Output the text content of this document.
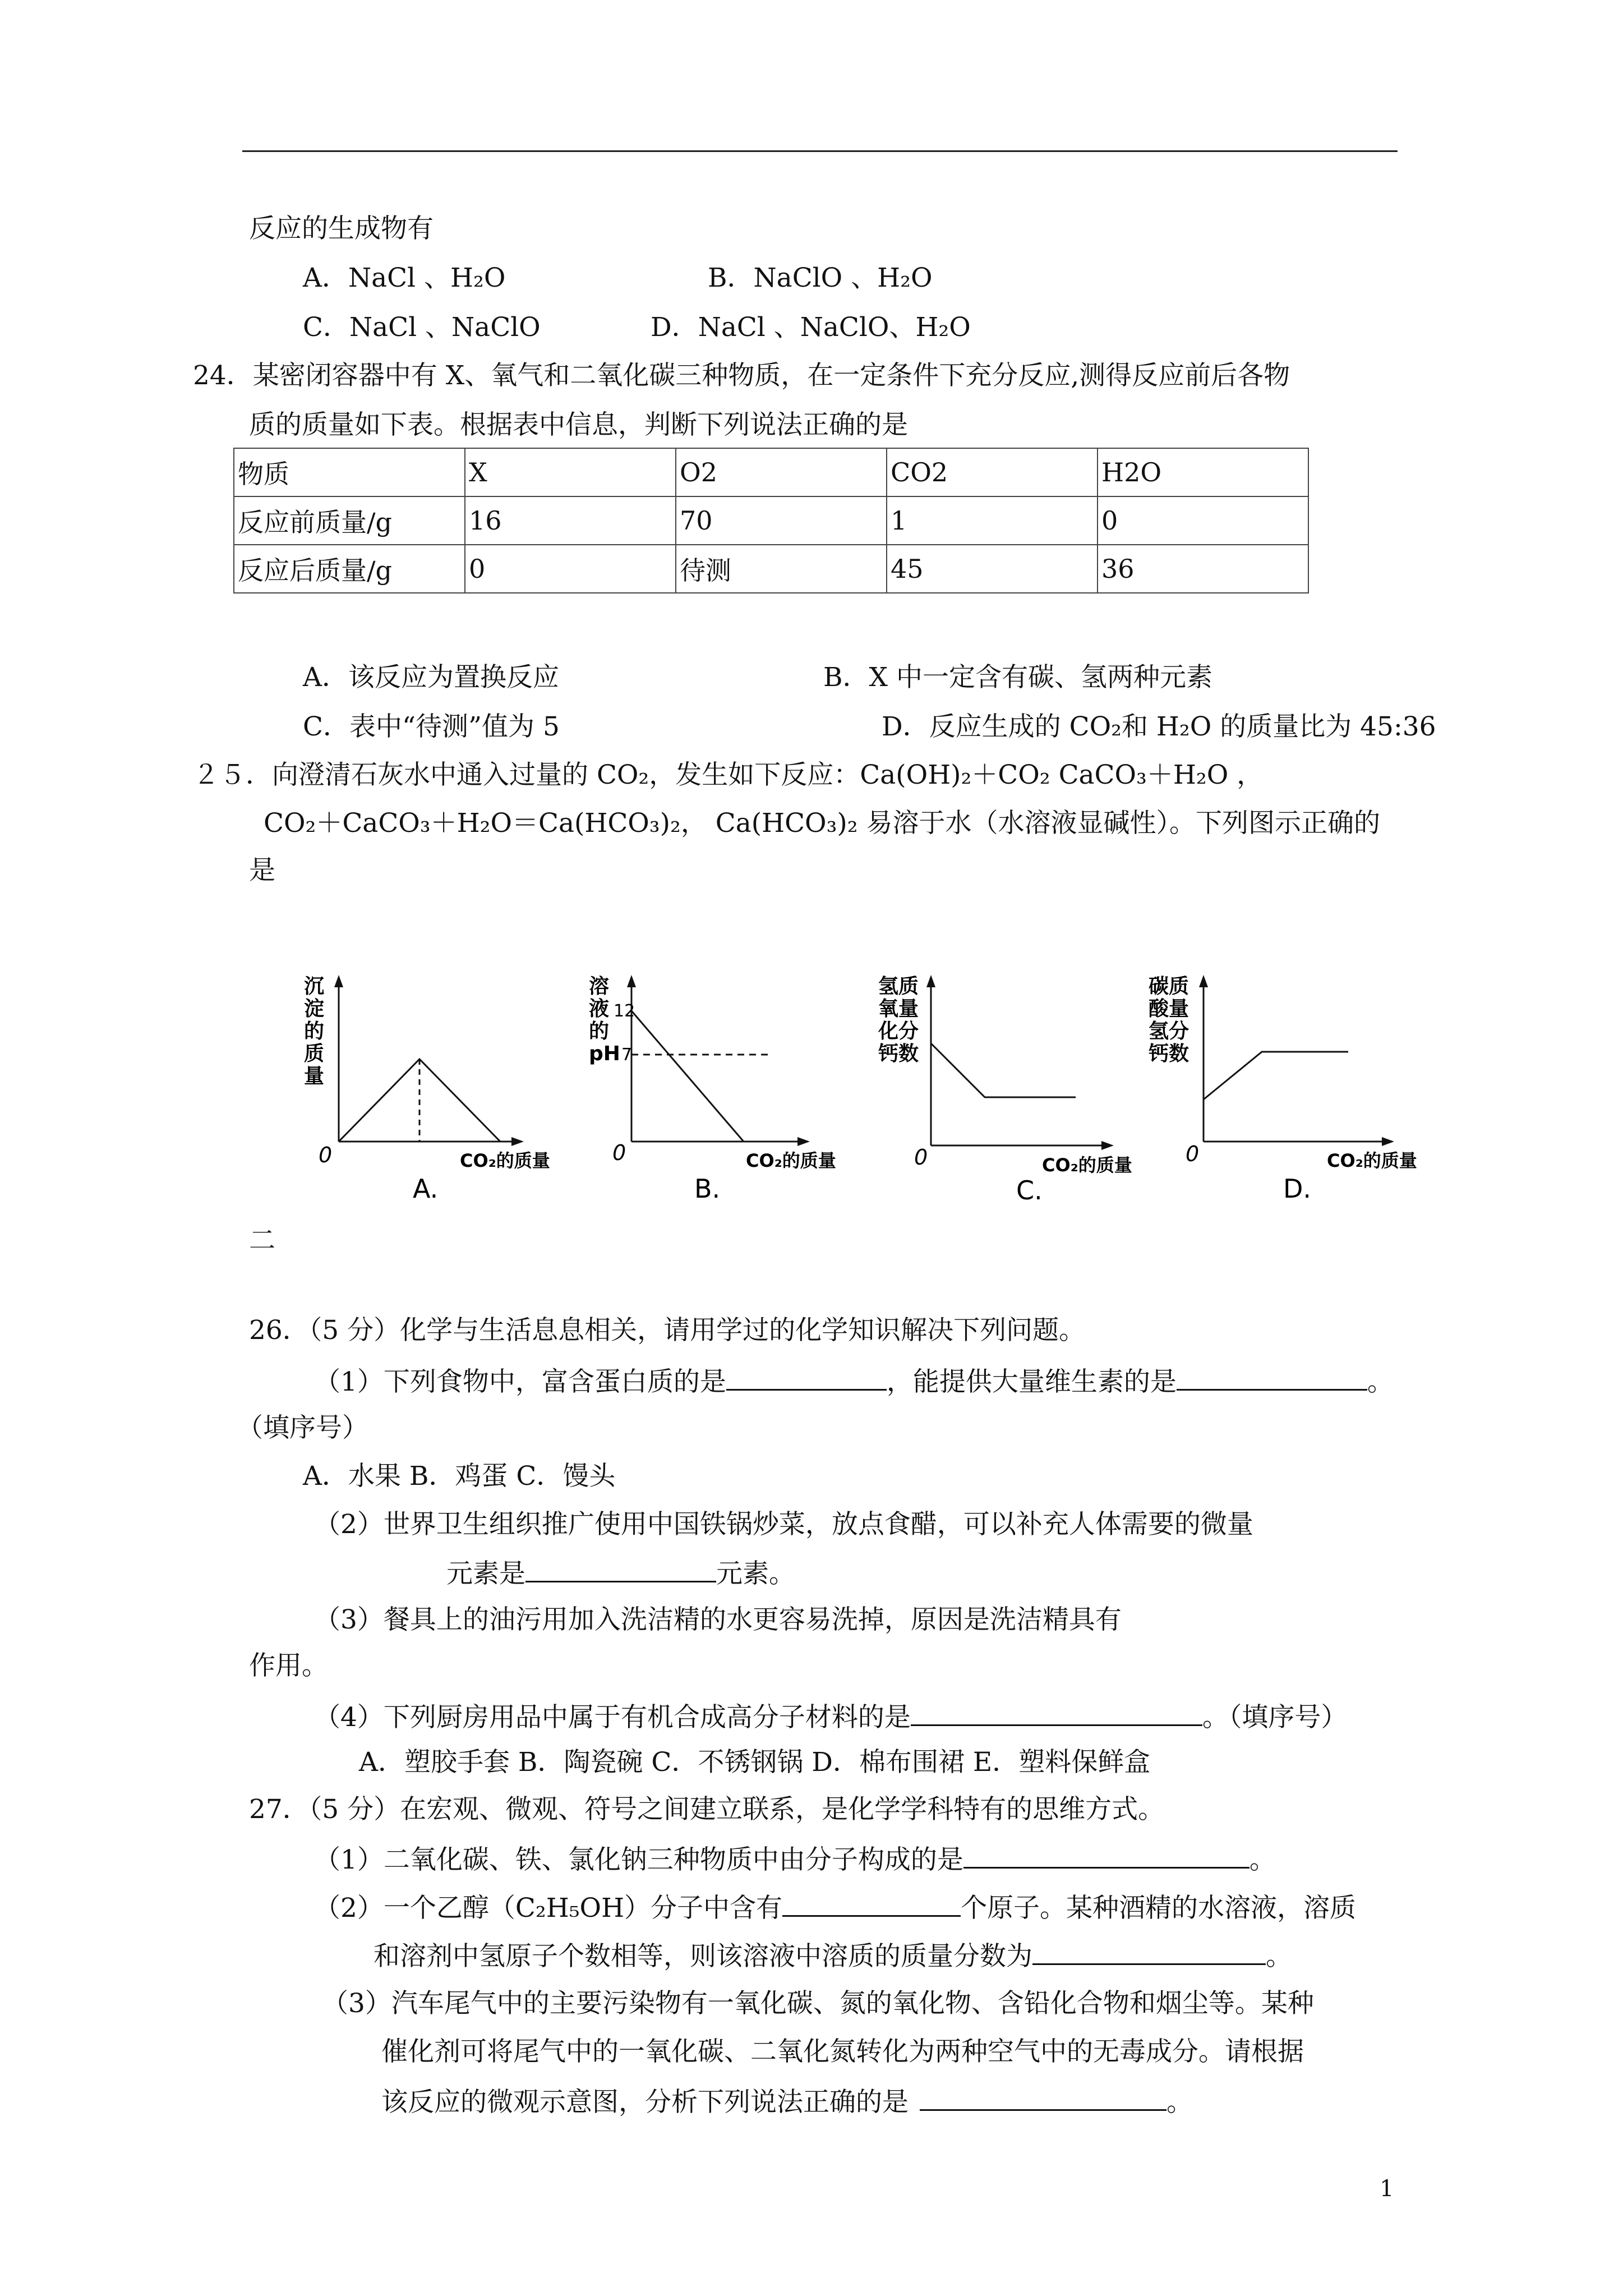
反应的生成物有
A．NaCl 、H₂O	B．NaClO 、H₂O
C．NaCl 、NaClO	D．NaCl 、NaClO、H₂O
24．某密闭容器中有 X、氧气和二氧化碳三种物质，在一定条件下充分反应,测得反应前后各物
质的质量如下表。根据表中信息，判断下列说法正确的是
物质	X	O2	CO2	H2O
反应前质量/g	16	70	1	0
反应后质量/g	0	待测	45	36
A．该反应为置换反应	B．X 中一定含有碳、氢两种元素
C．表中“待测”值为 5	D．反应生成的 CO₂和 H₂O 的质量比为 45:36
２５．向澄清石灰水中通入过量的 CO₂，发生如下反应：Ca(OH)₂＋CO₂ CaCO₃＋H₂O ，
CO₂＋CaCO₃＋H₂O＝Ca(HCO₃)₂， Ca(HCO₃)₂ 易溶于水（水溶液显碱性）。下列图示正确的
是
沉
淀
的
质
量
0	CO₂的质量
A.
溶
液
的
pH
12
7
0	CO₂的质量
B.
氢
氧
化
钙
质
量
分
数
0	CO₂的质量
C.
碳
酸
氢
钙
质
量
分
数
0	CO₂的质量
D.
二
26．（5 分）化学与生活息息相关，请用学过的化学知识解决下列问题。
（1）下列食物中，富含蛋白质的是	，能提供大量维生素的是	。
（填序号）
A．水果 B．鸡蛋 C．馒头
（2）世界卫生组织推广使用中国铁锅炒菜，放点食醋，可以补充人体需要的微量
元素是	元素。
（3）餐具上的油污用加入洗洁精的水更容易洗掉，原因是洗洁精具有
作用。
（4）下列厨房用品中属于有机合成高分子材料的是	。（填序号）
A．塑胶手套 B．陶瓷碗 C．不锈钢锅 D．棉布围裙 E．塑料保鲜盒
27．（5 分）在宏观、微观、符号之间建立联系，是化学学科特有的思维方式。
（1）二氧化碳、铁、氯化钠三种物质中由分子构成的是	。
（2）一个乙醇（C₂H₅OH）分子中含有	个原子。某种酒精的水溶液，溶质
和溶剂中氢原子个数相等，则该溶液中溶质的质量分数为	。
（3）汽车尾气中的主要污染物有一氧化碳、氮的氧化物、含铅化合物和烟尘等。某种
催化剂可将尾气中的一氧化碳、二氧化氮转化为两种空气中的无毒成分。请根据
该反应的微观示意图，分析下列说法正确的是	。
1
